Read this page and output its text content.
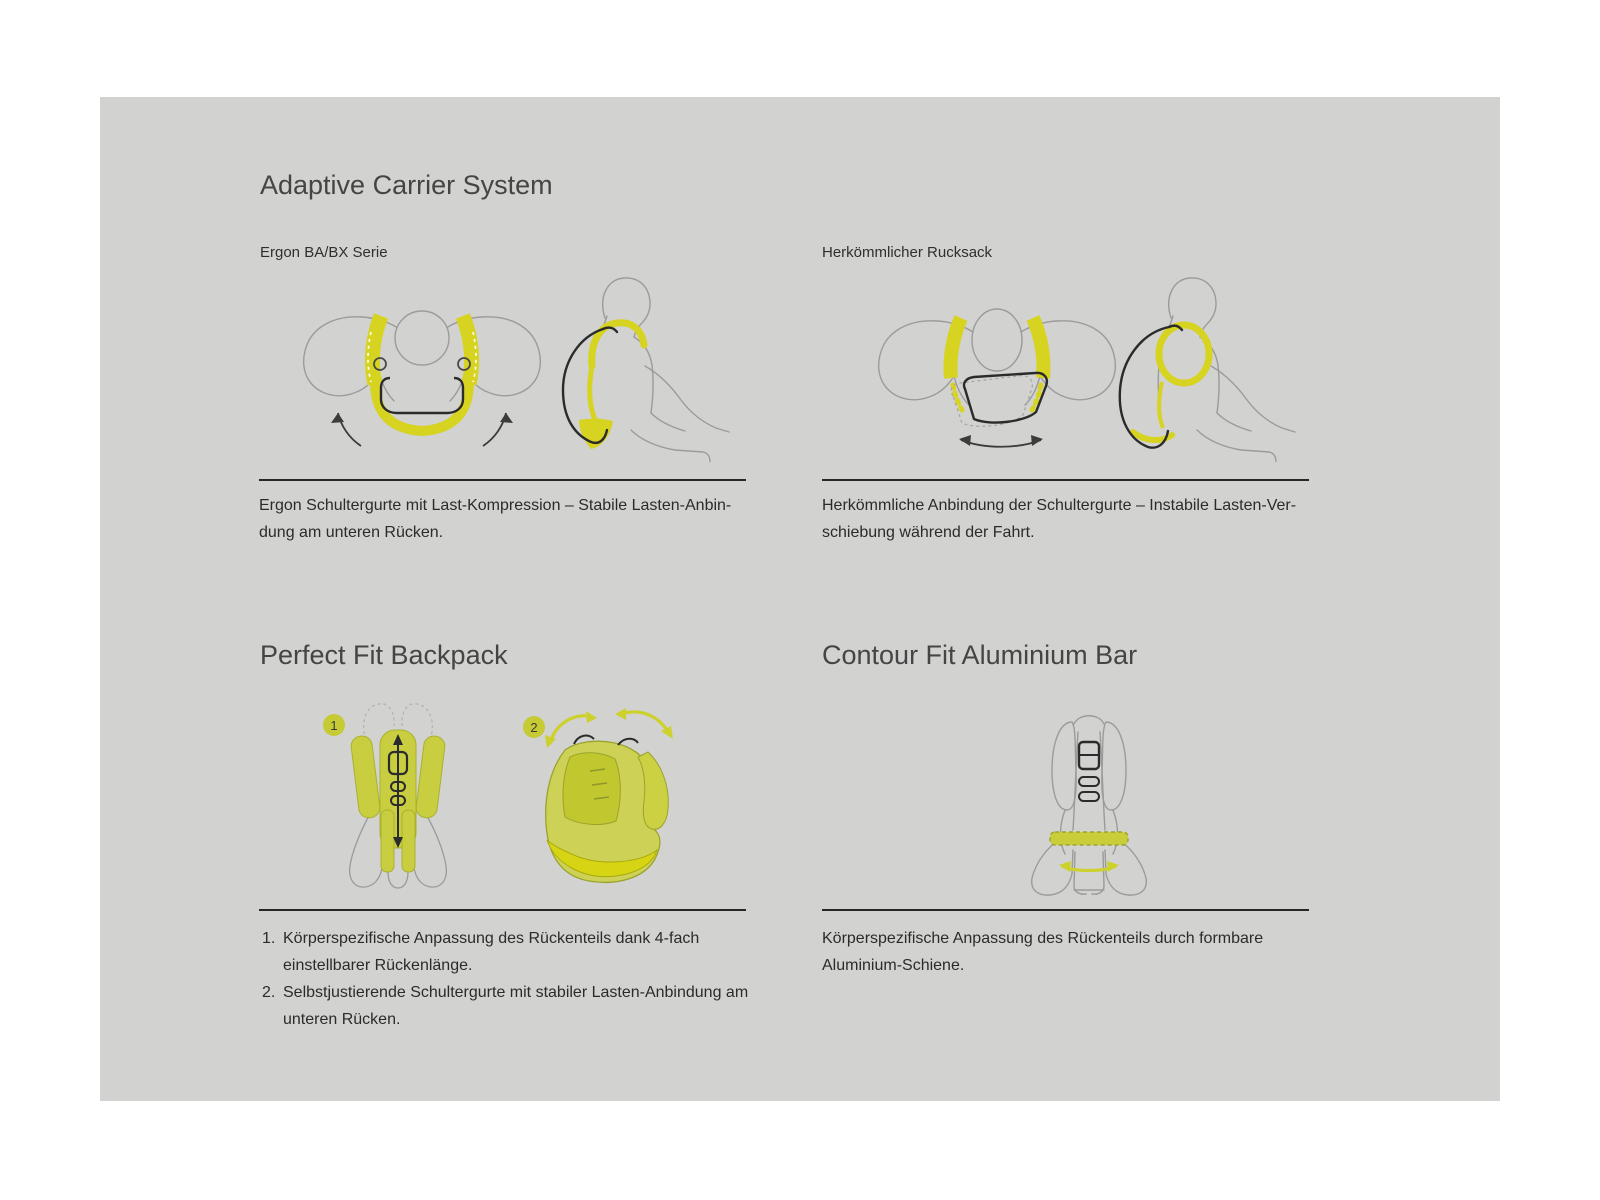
Adaptive Carrier System
Ergon BA/BX Serie	Herkömmlicher Rucksack
Ergon Schultergurte mit Last-Kompression – Stabile Lasten-Anbin-
dung am unteren Rücken.
Herkömmliche Anbindung der Schultergurte – Instabile Lasten-Ver-
schiebung während der Fahrt.
Perfect Fit Backpack	Contour Fit Aluminium Bar
1	2
1. Körperspezifische Anpassung des Rückenteils dank 4-fach
einstellbarer Rückenlänge.
2. Selbstjustierende Schultergurte mit stabiler Lasten-Anbindung am
unteren Rücken.
Körperspezifische Anpassung des Rückenteils durch formbare
Aluminium-Schiene.
